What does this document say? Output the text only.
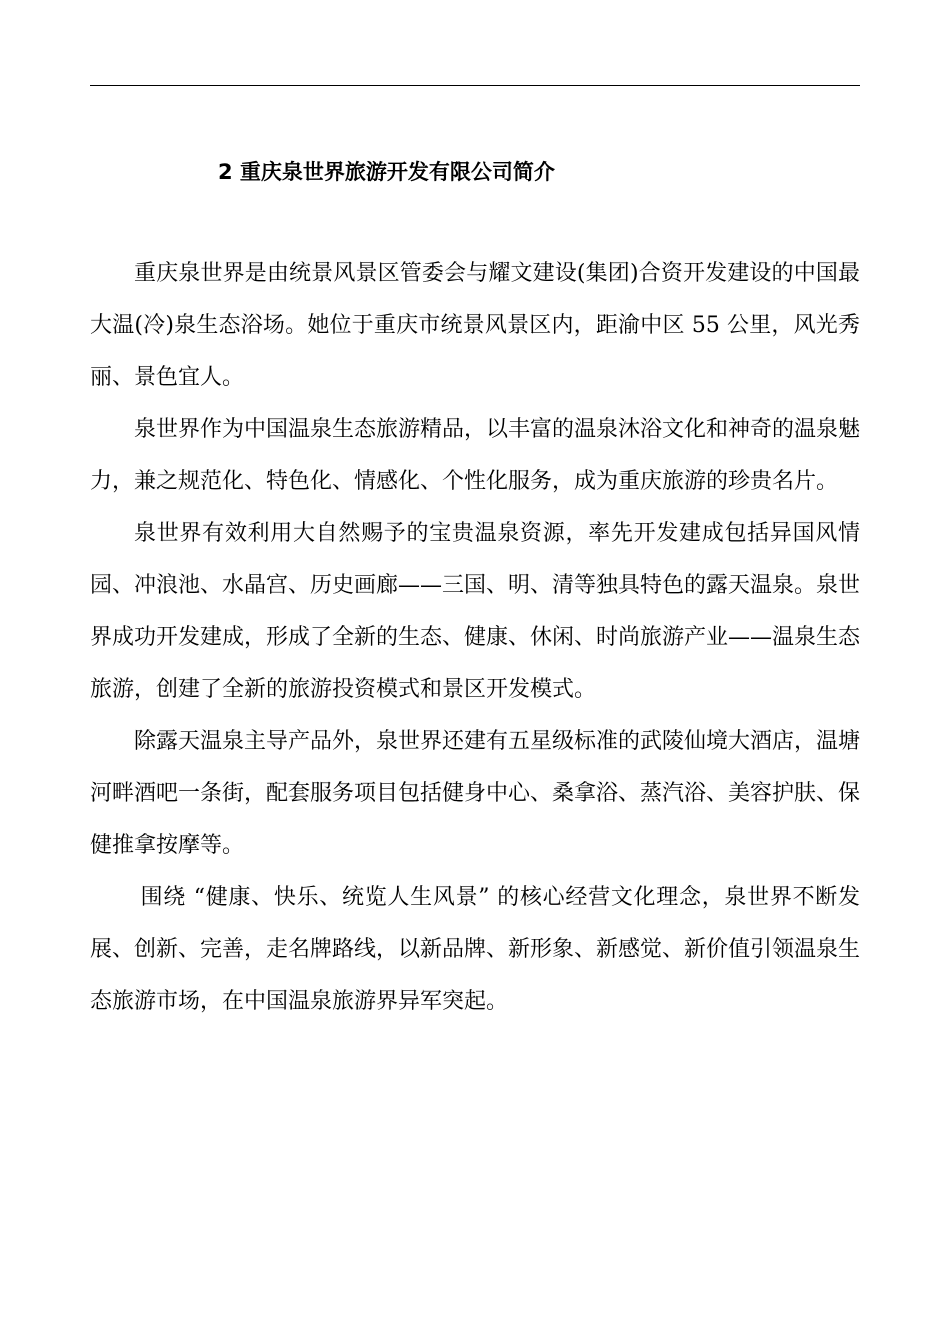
2 重庆泉世界旅游开发有限公司简介

重庆泉世界是由统景风景区管委会与耀文建设(集团)合资开发建设的中国最大温(冷)泉生态浴场。她位于重庆市统景风景区内，距渝中区 55 公里，风光秀丽、景色宜人。

泉世界作为中国温泉生态旅游精品，以丰富的温泉沐浴文化和神奇的温泉魅力，兼之规范化、特色化、情感化、个性化服务，成为重庆旅游的珍贵名片。

泉世界有效利用大自然赐予的宝贵温泉资源，率先开发建成包括异国风情园、冲浪池、水晶宫、历史画廊——三国、明、清等独具特色的露天温泉。泉世界成功开发建成，形成了全新的生态、健康、休闲、时尚旅游产业——温泉生态旅游，创建了全新的旅游投资模式和景区开发模式。

除露天温泉主导产品外，泉世界还建有五星级标准的武陵仙境大酒店，温塘河畔酒吧一条街，配套服务项目包括健身中心、桑拿浴、蒸汽浴、美容护肤、保健推拿按摩等。

围绕 “健康、快乐、统览人生风景” 的核心经营文化理念，泉世界不断发展、创新、完善，走名牌路线，以新品牌、新形象、新感觉、新价值引领温泉生态旅游市场，在中国温泉旅游界异军突起。
